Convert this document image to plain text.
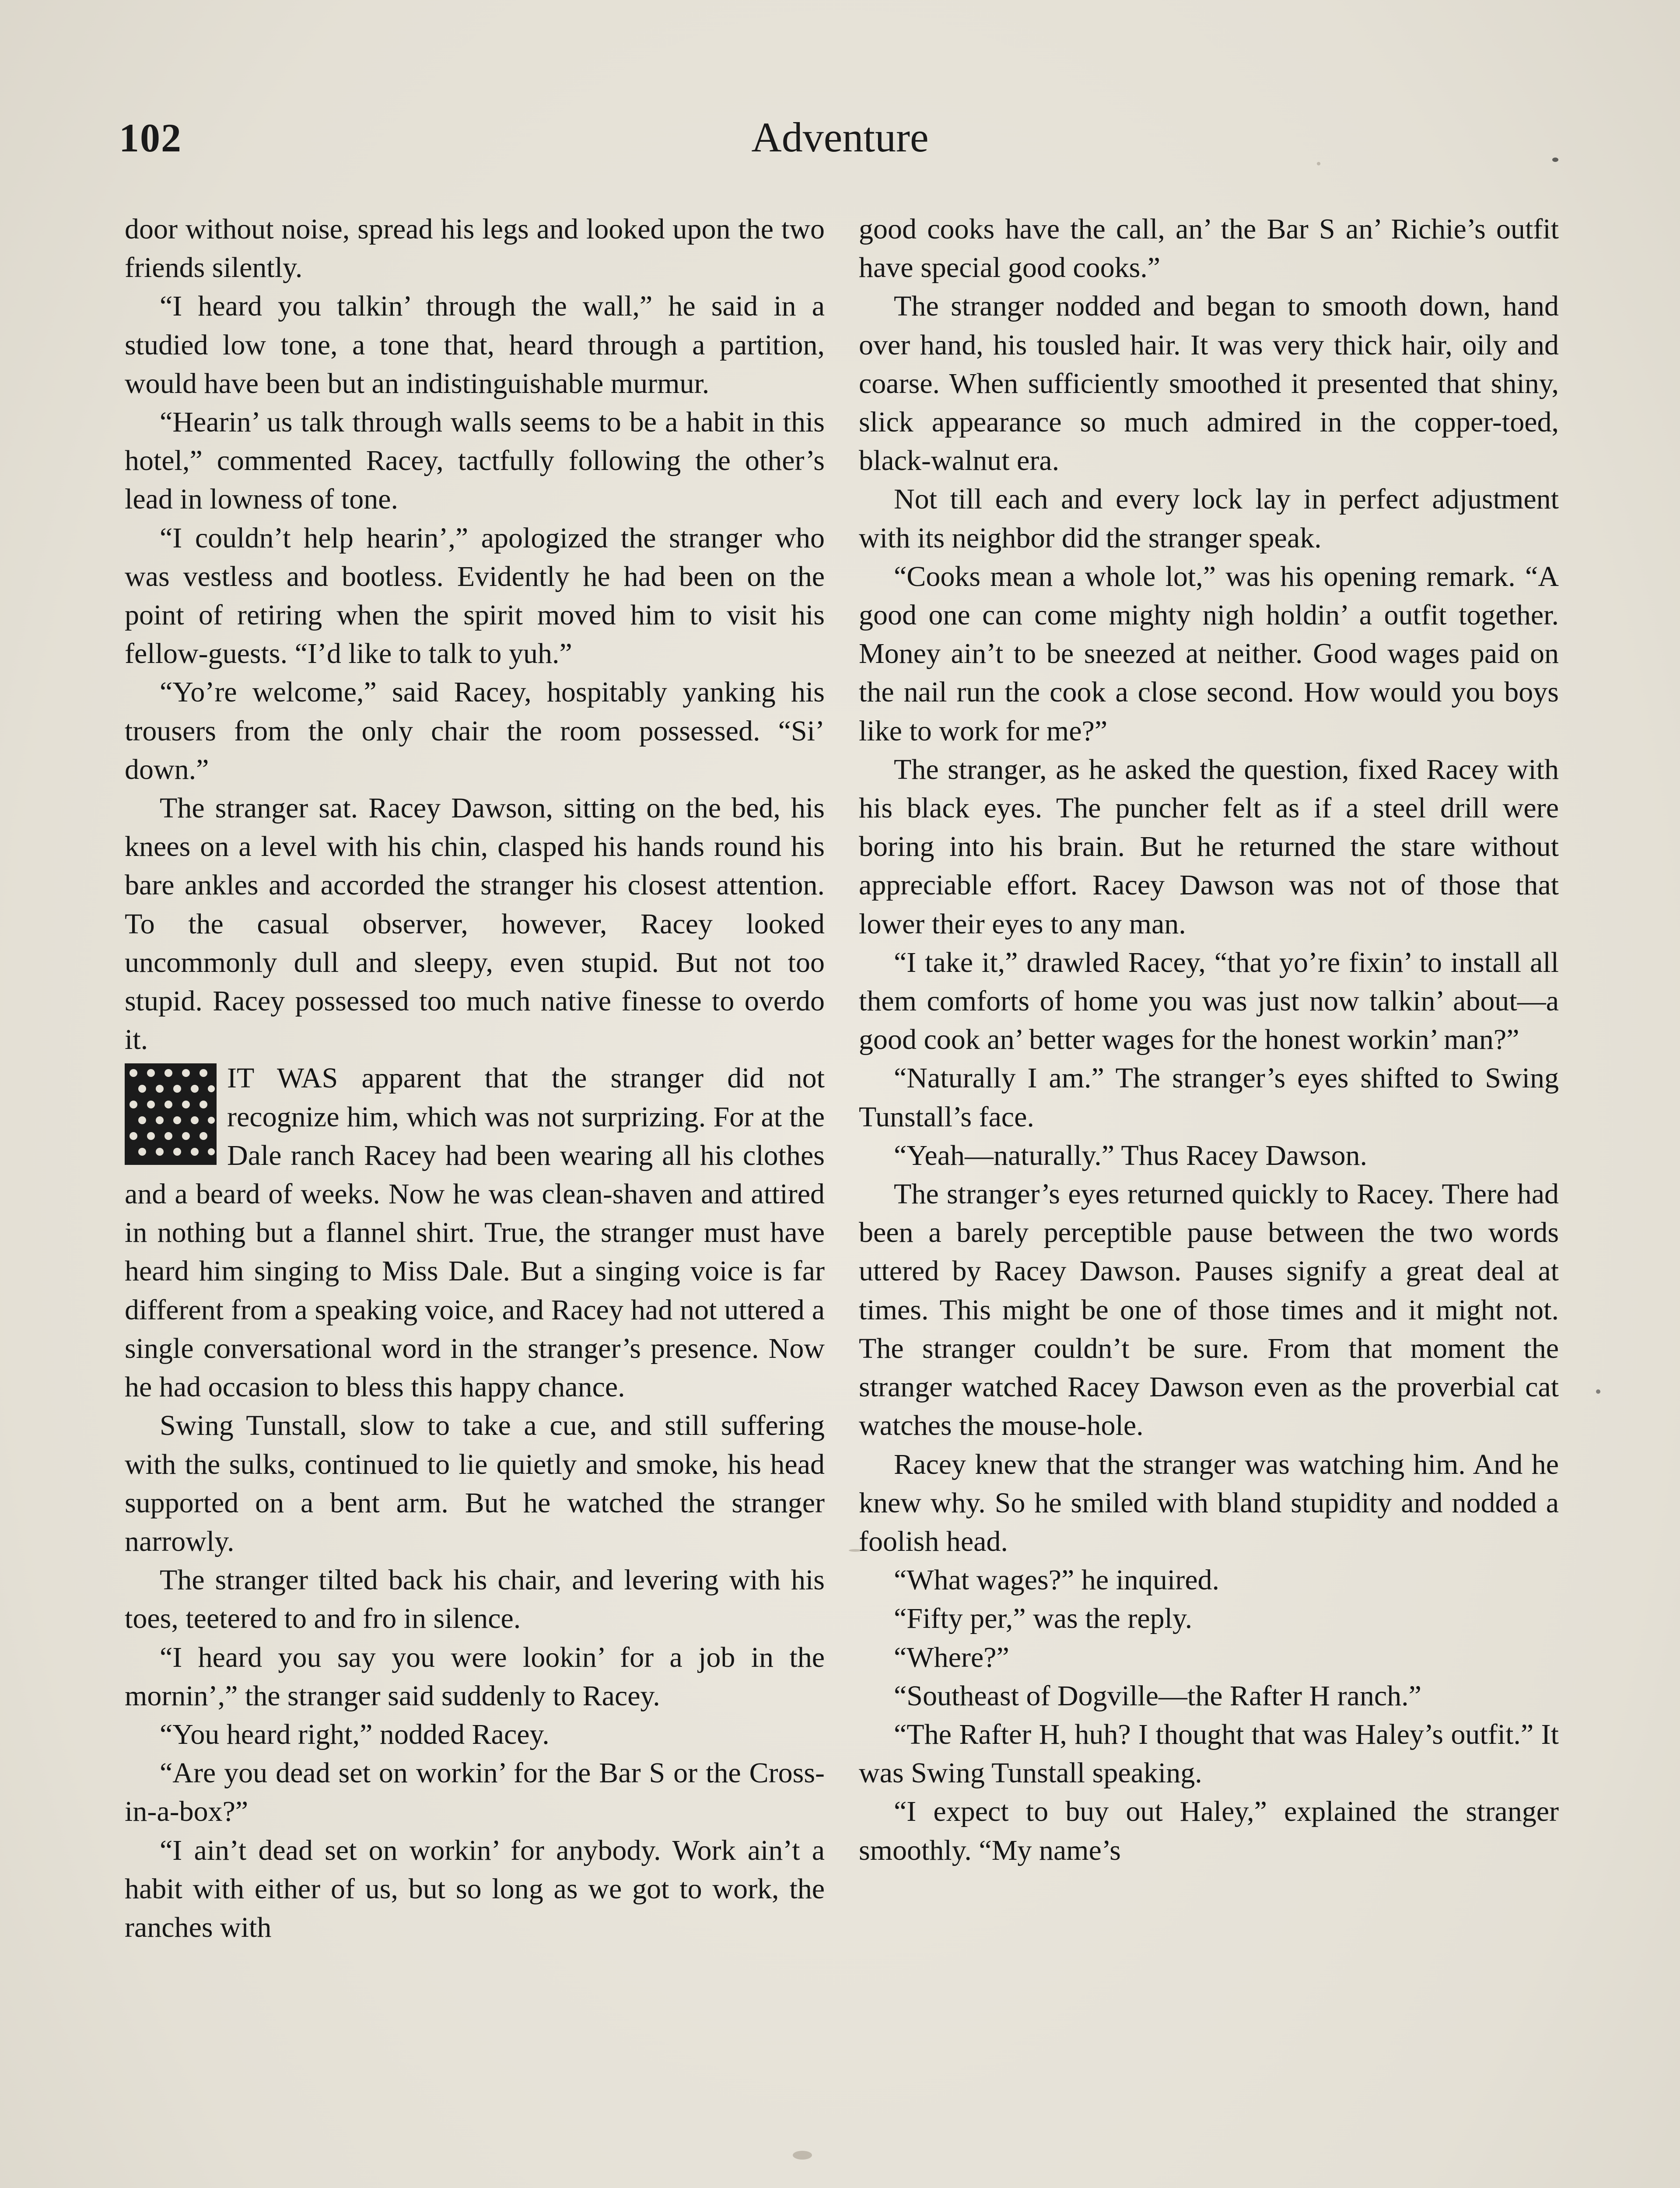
102	Adventure

door without noise, spread his legs and looked upon the two friends silently.

“I heard you talkin’ through the wall,” he said in a studied low tone, a tone that, heard through a partition, would have been but an indistinguishable murmur.

“Hearin’ us talk through walls seems to be a habit in this hotel,” commented Racey, tactfully following the other’s lead in lowness of tone.

“I couldn’t help hearin’,” apologized the stranger who was vestless and bootless. Evidently he had been on the point of retiring when the spirit moved him to visit his fellow-guests. “I’d like to talk to yuh.”

“Yo’re welcome,” said Racey, hospitably yanking his trousers from the only chair the room possessed. “Si’ down.”

The stranger sat. Racey Dawson, sitting on the bed, his knees on a level with his chin, clasped his hands round his bare ankles and accorded the stranger his closest attention. To the casual observer, however, Racey looked uncommonly dull and sleepy, even stupid. But not too stupid. Racey possessed too much native finesse to overdo it.

IT WAS apparent that the stranger did not recognize him, which was not surprizing. For at the Dale ranch Racey had been wearing all his clothes and a beard of weeks. Now he was clean-shaven and attired in nothing but a flannel shirt. True, the stranger must have heard him singing to Miss Dale. But a singing voice is far different from a speaking voice, and Racey had not uttered a single conversational word in the stranger’s presence. Now he had occasion to bless this happy chance.

Swing Tunstall, slow to take a cue, and still suffering with the sulks, continued to lie quietly and smoke, his head supported on a bent arm. But he watched the stranger narrowly.

The stranger tilted back his chair, and levering with his toes, teetered to and fro in silence.

“I heard you say you were lookin’ for a job in the mornin’,” the stranger said suddenly to Racey.

“You heard right,” nodded Racey.

“Are you dead set on workin’ for the Bar S or the Cross-in-a-box?”

“I ain’t dead set on workin’ for anybody. Work ain’t a habit with either of us, but so long as we got to work, the ranches with

good cooks have the call, an’ the Bar S an’ Richie’s outfit have special good cooks.”

The stranger nodded and began to smooth down, hand over hand, his tousled hair. It was very thick hair, oily and coarse. When sufficiently smoothed it presented that shiny, slick appearance so much admired in the copper-toed, black-walnut era.

Not till each and every lock lay in perfect adjustment with its neighbor did the stranger speak.

“Cooks mean a whole lot,” was his opening remark. “A good one can come mighty nigh holdin’ a outfit together. Money ain’t to be sneezed at neither. Good wages paid on the nail run the cook a close second. How would you boys like to work for me?”

The stranger, as he asked the question, fixed Racey with his black eyes. The puncher felt as if a steel drill were boring into his brain. But he returned the stare without appreciable effort. Racey Dawson was not of those that lower their eyes to any man.

“I take it,” drawled Racey, “that yo’re fixin’ to install all them comforts of home you was just now talkin’ about—a good cook an’ better wages for the honest workin’ man?”

“Naturally I am.” The stranger’s eyes shifted to Swing Tunstall’s face.

“Yeah—naturally.” Thus Racey Dawson.

The stranger’s eyes returned quickly to Racey. There had been a barely perceptible pause between the two words uttered by Racey Dawson. Pauses signify a great deal at times. This might be one of those times and it might not. The stranger couldn’t be sure. From that moment the stranger watched Racey Dawson even as the proverbial cat watches the mouse-hole.

Racey knew that the stranger was watching him. And he knew why. So he smiled with bland stupidity and nodded a foolish head.

“What wages?” he inquired.

“Fifty per,” was the reply.

“Where?”

“Southeast of Dogville—the Rafter H ranch.”

“The Rafter H, huh? I thought that was Haley’s outfit.” It was Swing Tunstall speaking.

“I expect to buy out Haley,” explained the stranger smoothly. “My name’s
